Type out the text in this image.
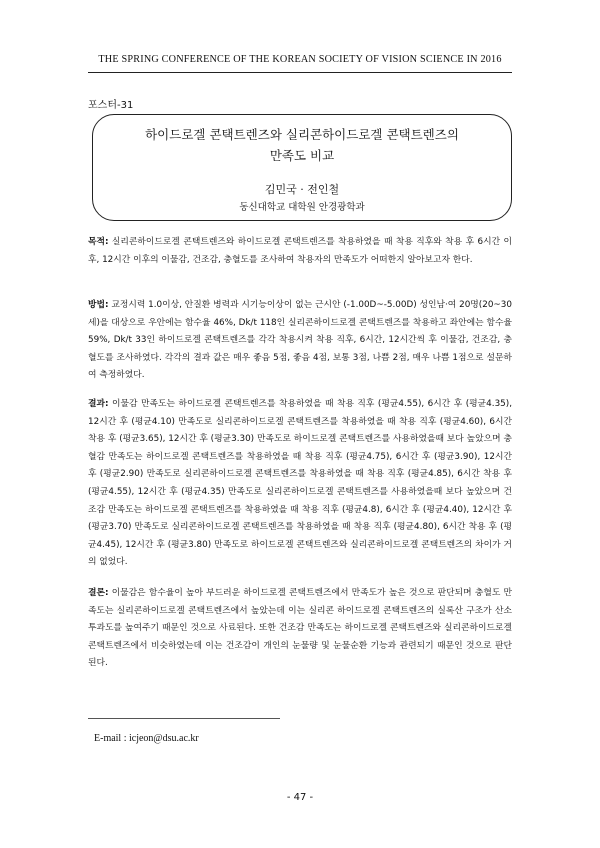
THE SPRING CONFERENCE OF THE KOREAN SOCIETY OF VISION SCIENCE IN 2016
포스터-31
하이드로겔 콘택트렌즈와 실리콘하이드로겔 콘택트렌즈의
만족도 비교
김민국 · 전인철
동신대학교 대학원 안경광학과
목적: 실리콘하이드로겔 콘택트렌즈와 하이드로겔 콘택트렌즈를 착용하였을 때 착용 직후와 착용 후 6시간 이후, 12시간 이후의 이물감, 건조감, 충혈도를 조사하여 착용자의 만족도가 어떠한지 알아보고자 한다.
방법: 교정시력 1.0이상, 안질환 병력과 시기능이상이 없는 근시안 (-1.00D~-5.00D) 성인남·여 20명(20~30세)을 대상으로 우안에는 함수율 46%, Dk/t 118인 실리콘하이드로겔 콘택트렌즈를 착용하고 좌안에는 함수율 59%, Dk/t 33인 하이드로겔 콘택트렌즈를 각각 착용시켜 착용 직후, 6시간, 12시간씩 후 이물감, 건조감, 충혈도를 조사하였다. 각각의 결과 값은 매우 좋음 5점, 좋음 4점, 보통 3점, 나쁨 2점, 매우 나쁨 1점으로 설문하여 측정하였다.
결과: 이물감 만족도는 하이드로겔 콘택트렌즈를 착용하였을 때 착용 직후 (평균4.55), 6시간 후 (평균4.35), 12시간 후 (평균4.10) 만족도로 실리콘하이드로겔 콘택트렌즈를 착용하였을 때 착용 직후 (평균4.60), 6시간 착용 후 (평균3.65), 12시간 후 (평균3.30) 만족도로 하이드로겔 콘택트렌즈를 사용하였을때 보다 높았으며 충혈감 만족도는 하이드로겔 콘택트렌즈를 착용하였을 때 착용 직후 (평균4.75), 6시간 후 (평균3.90), 12시간 후 (평균2.90) 만족도로 실리콘하이드로겔 콘택트렌즈를 착용하였을 때 착용 직후 (평균4.85), 6시간 착용 후 (평균4.55), 12시간 후 (평균4.35) 만족도로 실리콘하이드로겔 콘택트렌즈를 사용하였을때 보다 높았으며 건조감 만족도는 하이드로겔 콘택트렌즈를 착용하였을 때 착용 직후 (평균4.8), 6시간 후 (평균4.40), 12시간 후 (평균3.70) 만족도로 실리콘하이드로겔 콘택트렌즈를 착용하였을 때 착용 직후 (평균4.80), 6시간 착용 후 (평균4.45), 12시간 후 (평균3.80) 만족도로 하이드로겔 콘택트렌즈와 실리콘하이드로겔 콘택트렌즈의 차이가 거의 없었다.
결론: 이물감은 함수율이 높아 부드러운 하이드로겔 콘택트렌즈에서 만족도가 높은 것으로 판단되며 충혈도 만족도는 실리콘하이드로겔 콘택트렌즈에서 높았는데 이는 실리콘 하이드로겔 콘택트렌즈의 실록산 구조가 산소투과도를 높여주기 때문인 것으로 사료된다. 또한 건조감 만족도는 하이드로겔 콘택트렌즈와 실리콘하이드로겔 콘택트렌즈에서 비슷하였는데 이는 건조감이 개인의 눈물량 및 눈물순환 기능과 관련되기 때문인 것으로 판단된다.
E-mail : icjeon@dsu.ac.kr
- 47 -
